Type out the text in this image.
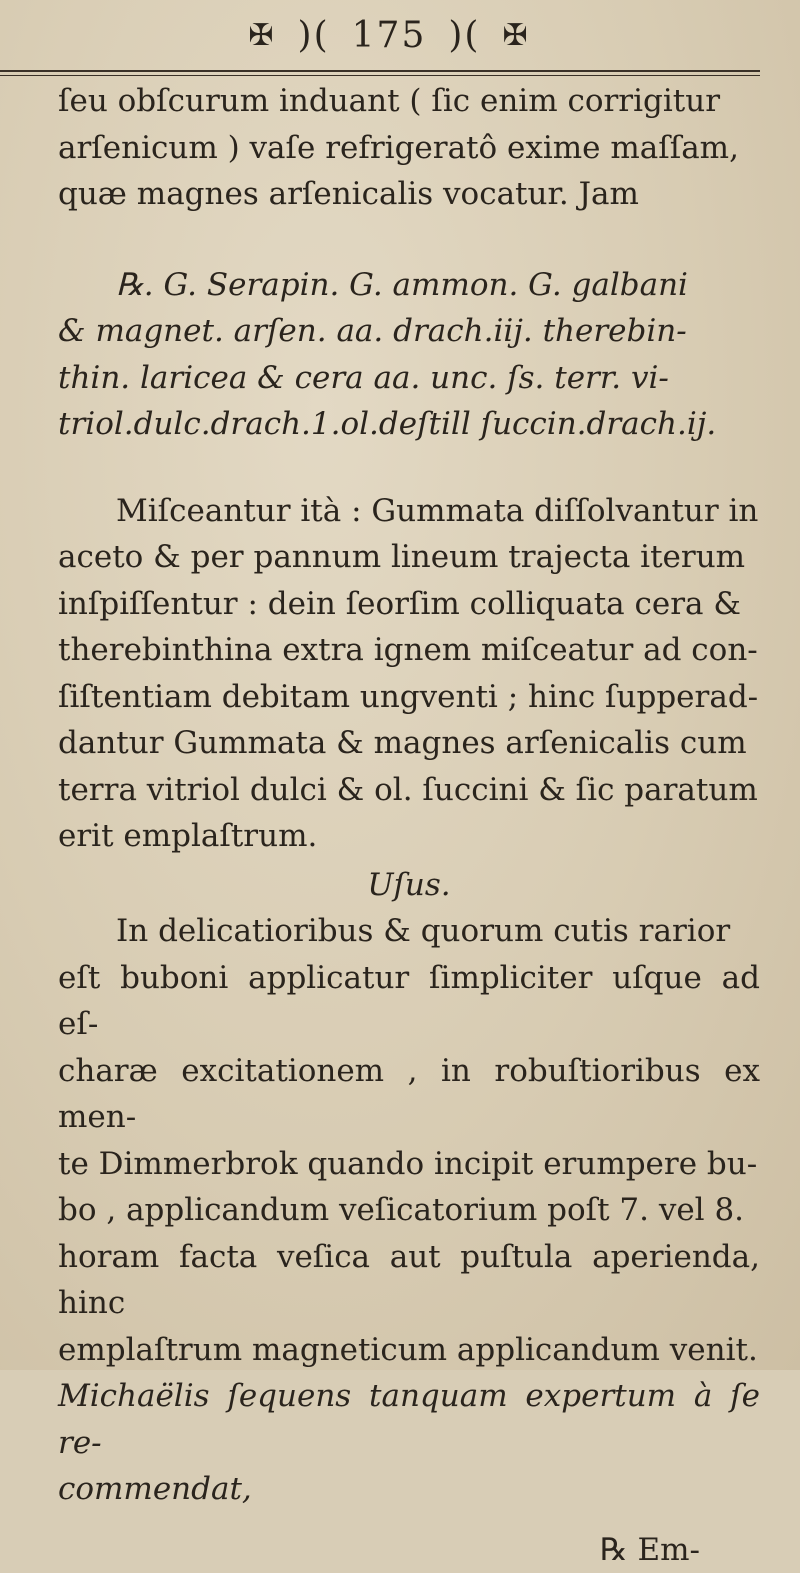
✠ )( 175 )( ✠

ſeu obſcurum induant ( ſic enim corrigitur
arſenicum ) vaſe refrigeratô exime maſſam,
quæ magnes arſenicalis vocatur. Jam

℞. G. Serapin. G. ammon. G. galbani
& magnet. arſen. aa. drach.iij. therebin-
thin. laricea & cera aa. unc. ſs. terr. vi-
triol.dulc.drach.1.ol.deſtill ſuccin.drach.ij.

Miſceantur ità : Gummata diſſolvantur in
aceto & per pannum lineum trajecta iterum
inſpiſſentur : dein ſeorſim colliquata cera &
therebinthina extra ignem miſceatur ad con-
ſiſtentiam debitam ungventi ; hinc ſupperad-
dantur Gummata & magnes arſenicalis cum
terra vitriol dulci & ol. ſuccini & ſic paratum
erit emplaſtrum.

Uſus.

In delicatioribus & quorum cutis rarior
eſt buboni applicatur ſimpliciter uſque ad eſ-
charæ excitationem , in robuſtioribus ex men-
te Dimmerbrok quando incipit erumpere bu-
bo , applicandum veſicatorium poſt 7. vel 8.
horam facta veſica aut puſtula aperienda, hinc
emplaſtrum magneticum applicandum venit.
Michaëlis ſequens tanquam expertum à ſe re-
commendat,

℞ Em-
